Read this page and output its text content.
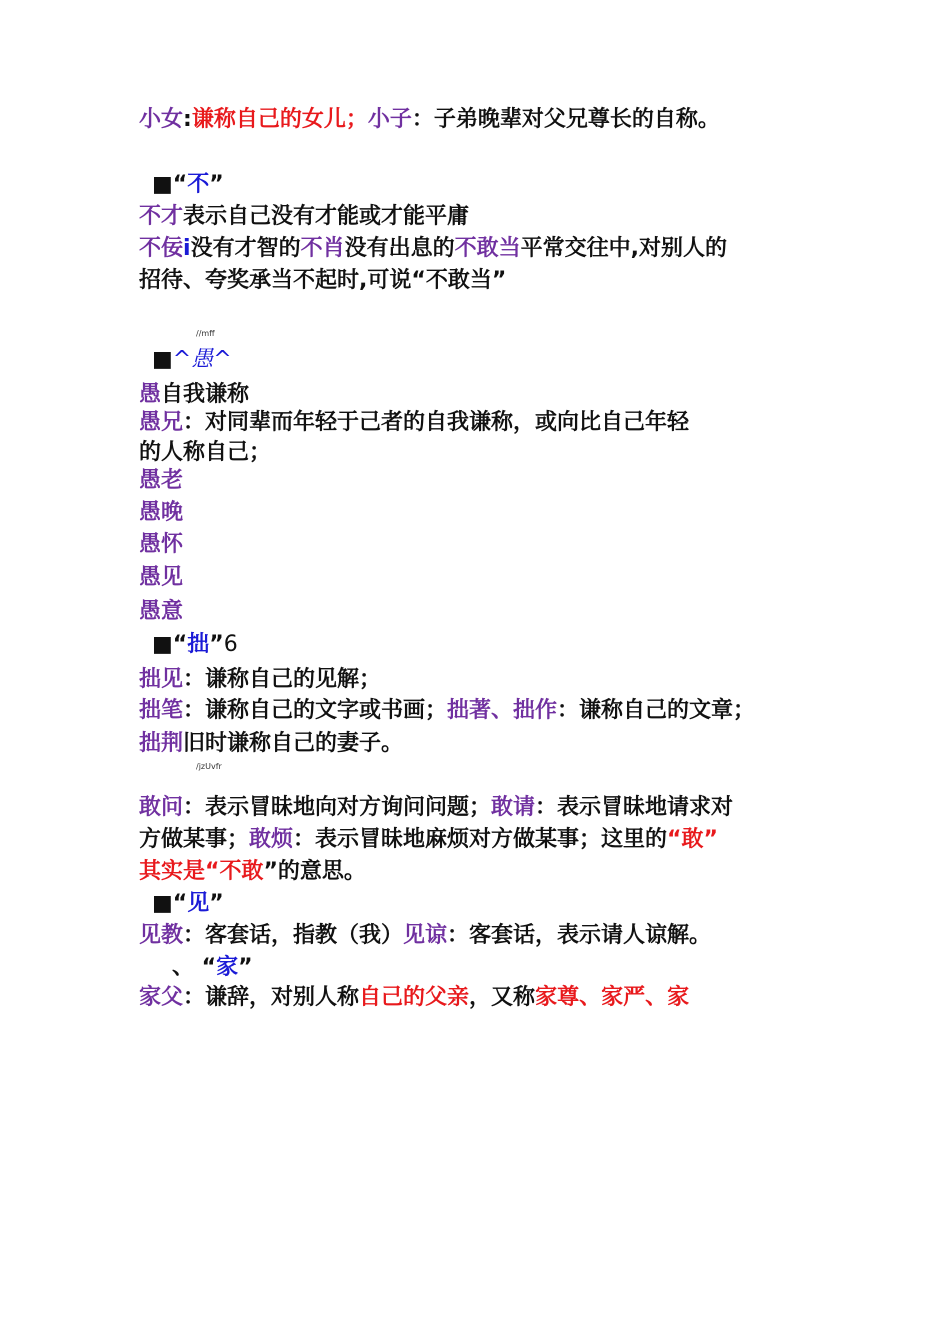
小女:谦称自己的女儿；小子：子弟晚辈对父兄尊长的自称。
■“不”
不才表示自己没有才能或才能平庸
不佞i没有才智的不肖没有出息的不敢当平常交往中,对别人的
招待、夸奖承当不起时,可说“不敢当”
■^愚^
愚自我谦称
愚兄：对同辈而年轻于己者的自我谦称，或向比自己年轻
的人称自己；
愚老
愚晚
愚怀
愚见
愚意
■“拙”6
拙见：谦称自己的见解；
拙笔：谦称自己的文字或书画；拙著、拙作：谦称自己的文章；
拙荆旧时谦称自己的妻子。
敢问：表示冒昧地向对方询问问题；敢请：表示冒昧地请求对
方做某事；敢烦：表示冒昧地麻烦对方做某事；这里的“敢”
其实是“不敢”的意思。
■“见”
见教：客套话，指教（我）见谅：客套话，表示请人谅解。
、 “家”
家父：谦辞，对别人称自己的父亲，又称家尊、家严、家
//mff
/jzUvfr
